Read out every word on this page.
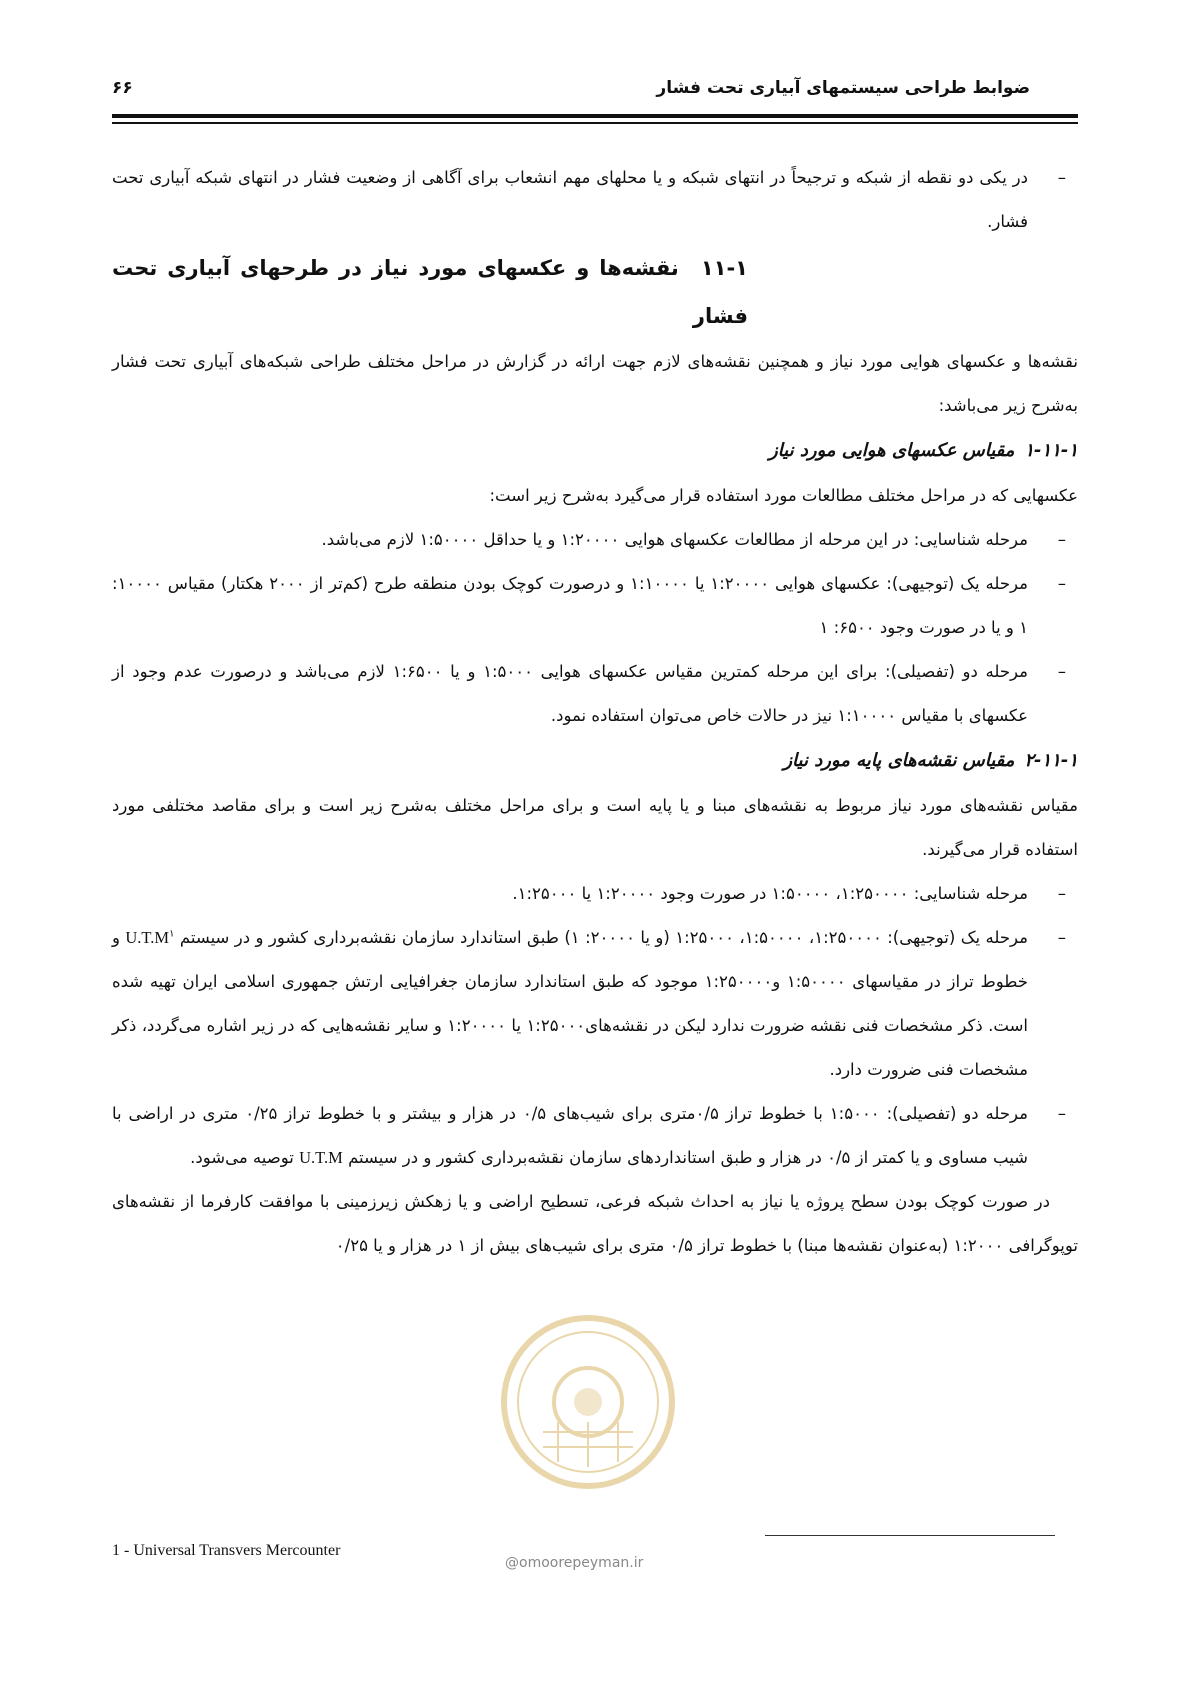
ضوابط طراحی سیستمهای آبیاری تحت فشار
۶۶
– در یکی دو نقطه از شبکه و ترجیحاً در انتهای شبکه و یا محلهای مهم انشعاب برای آگاهی از وضعیت فشار در انتهای شبکه آبیاری تحت فشار.

۱۱-۱نقشه‌ها و عکسهای مورد نیاز در طرحهای آبیاری تحت فشار

نقشه‌ها و عکسهای هوایی مورد نیاز و همچنین نقشه‌های لازم جهت ارائه در گزارش در مراحل مختلف طراحی شبکه‌های آبیاری تحت فشار به‌شرح زیر می‌باشد:

۱-۱۱-۱مقیاس عکسهای هوایی مورد نیاز

عکسهایی که در مراحل مختلف مطالعات مورد استفاده قرار می‌گیرد به‌شرح زیر است:

– مرحله شناسایی: در این مرحله از مطالعات عکسهای هوایی ۱:۲۰۰۰۰ و یا حداقل ۱:۵۰۰۰۰ لازم می‌باشد.
– مرحله یک (توجیهی): عکسهای هوایی ۱:۲۰۰۰۰ یا ۱:۱۰۰۰۰ و درصورت کوچک بودن منطقه طرح (کم‌تر از ۲۰۰۰ هکتار) مقیاس ۱۰۰۰۰: ۱ و یا در صورت وجود ۶۵۰۰: ۱
– مرحله دو (تفصیلی): برای این مرحله کمترین مقیاس عکسهای هوایی ۱:۵۰۰۰ و یا ۱:۶۵۰۰ لازم می‌باشد و درصورت عدم وجود از عکسهای با مقیاس ۱:۱۰۰۰۰ نیز در حالات خاص می‌توان استفاده نمود.

۲-۱۱-۱مقیاس نقشه‌های پایه مورد نیاز

مقیاس نقشه‌های مورد نیاز مربوط به نقشه‌های مبنا و یا پایه است و برای مراحل مختلف به‌شرح زیر است و برای مقاصد مختلفی مورد استفاده قرار می‌گیرند.

– مرحله شناسایی: ۱:۲۵۰۰۰۰، ۱:۵۰۰۰۰ در صورت وجود ۱:۲۰۰۰۰ یا ۱:۲۵۰۰۰.
– مرحله یک (توجیهی): ۱:۲۵۰۰۰۰، ۱:۵۰۰۰۰، ۱:۲۵۰۰۰ (و یا ۲۰۰۰۰: ۱) طبق استاندارد سازمان نقشه‌برداری کشور و در سیستم $U.T.M^۱$ و خطوط تراز در مقیاسهای ۱:۵۰۰۰۰ و۱:۲۵۰۰۰۰ موجود که طبق استاندارد سازمان جغرافیایی ارتش جمهوری اسلامی ایران تهیه شده است. ذکر مشخصات فنی نقشه ضرورت ندارد لیکن در نقشه‌های۱:۲۵۰۰۰ یا ۱:۲۰۰۰۰ و سایر نقشه‌هایی که در زیر اشاره می‌گردد، ذکر مشخصات فنی ضرورت دارد.
– مرحله دو (تفصیلی): ۱:۵۰۰۰ با خطوط تراز ۰/۵متری برای شیب‌های ۰/۵ در هزار و بیشتر و با خطوط تراز ۰/۲۵ متری در اراضی با شیب مساوی و یا کمتر از ۰/۵ در هزار و طبق استانداردهای سازمان نقشه‌برداری کشور و در سیستم U.T.M توصیه می‌شود.

در صورت کوچک بودن سطح پروژه یا نیاز به احداث شبکه فرعی، تسطیح اراضی و یا زهکش زیرزمینی با موافقت کارفرما از نقشه‌های توپوگرافی ۱:۲۰۰۰ (به‌عنوان نقشه‌ها مبنا) با خطوط تراز ۰/۵ متری برای شیب‌های بیش از ۱ در هزار و یا ۰/۲۵

@omoorepeyman.ir
1 - Universal Transvers Mercounter
